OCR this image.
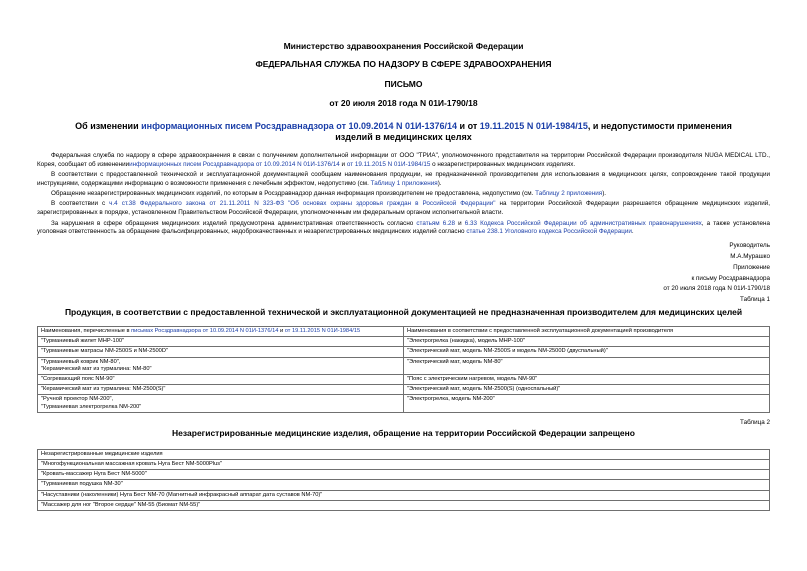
Министерство здравоохранения Российской Федерации
ФЕДЕРАЛЬНАЯ СЛУЖБА ПО НАДЗОРУ В СФЕРЕ ЗДРАВООХРАНЕНИЯ
ПИСЬМО
от 20 июля 2018 года N 01И-1790/18
Об изменении информационных писем Росздравнадзора от 10.09.2014 N 01И-1376/14 и от 19.11.2015 N 01И-1984/15, и недопустимости применения изделий в медицинских целях

Федеральная служба по надзору в сфере здравоохранения в связи с получением дополнительной информации от ООО "ТРИА", уполномоченного представителя на территории Российской Федерации производителя NUGA MEDICAL LTD., Корея, сообщает об измененииинформационных писем Росздравнадзора от 10.09.2014 N 01И-1376/14 и от 19.11.2015 N 01И-1984/15 о незарегистрированных медицинских изделиях.

В соответствии с предоставленной технической и эксплуатационной документацией сообщаем наименования продукции, не предназначенной производителем для использования в медицинских целях, сопровождение такой продукции инструкциями, содержащими информацию о возможности применения с лечебным эффектом, недопустимо (см. Таблицу 1 приложения).

Обращение незарегистрированных медицинских изделий, по которым в Росздравнадзор данная информация производителем не предоставлена, недопустимо (см. Таблицу 2 приложения).

В соответствии с ч.4 ст.38 Федерального закона от 21.11.2011 N 323-ФЗ "Об основах охраны здоровья граждан в Российской Федерации" на территории Российской Федерации разрешается обращение медицинских изделий, зарегистрированных в порядке, установленном Правительством Российской Федерации, уполномоченным им федеральным органом исполнительной власти.

За нарушения в сфере обращения медицинских изделий предусмотрена административная ответственность согласно статьям 6.28 и 6.33 Кодекса Российской Федерации об административных правонарушениях, а также установлена уголовная ответственность за обращение фальсифицированных, недоброкачественных и незарегистрированных медицинских изделий согласно статье 238.1 Уголовного кодекса Российской Федерации.

Руководитель
М.А.Мурашко
Приложение
к письму Росздравнадзора
от 20 июля 2018 года N 01И-1790/18
Таблица 1
Продукция, в соответствии с предоставленной технической и эксплуатационной документацией не предназначенная производителем для медицинских целей
Наименования, перечисленные в письмах Росздравнадзора от 10.09.2014 N 01И-1376/14 и от 19.11.2015 N 01И-1984/15	Наименования в соответствии с предоставленной эксплуатационной документацией производителя

"Турманиевый жилет МНР-100"	"Электрогрелка (накидка), модель МНР-100"

"Турманиевые матрасы NM-2500S и NM-2500D"	"Электрический мат, модель NM-2500S и модель NM-2500D (двуспальный)"

"Турманиевый коврик NM-80",
"Керамический мат из турмалина: NM-80"	"Электрический мат, модель NM-80"

"Согревающий пояс NM-90"	"Пояс с электрическим нагревом, модель NM-90"

"Керамический мат из турмалина: NM-2500(S)"	"Электрический мат, модель NM-2500(S) (односпальный)"

"Ручной проектор NM-200",
"Турманиевая электрогрелка NM-200"	"Электрогрелка, модель NM-200"
Таблица 2
Незарегистрированные медицинские изделия, обращение на территории Российской Федерации запрещено
Незарегистрированные медицинские изделия
"Многофункциональная массажная кровать Нуга Бест NM-5000Plus"
"Кровать-массажер Нуга Бест NM-5000"
"Турманиевая подушка NM-30"
"Насуставники (наколенники) Нуга Бест NM-70 (Магнитный инфракрасный аппарат дата суставов NM-70)"
"Массажер для ног "Второе сердце" NM-55 (Биомат NM-55)"
